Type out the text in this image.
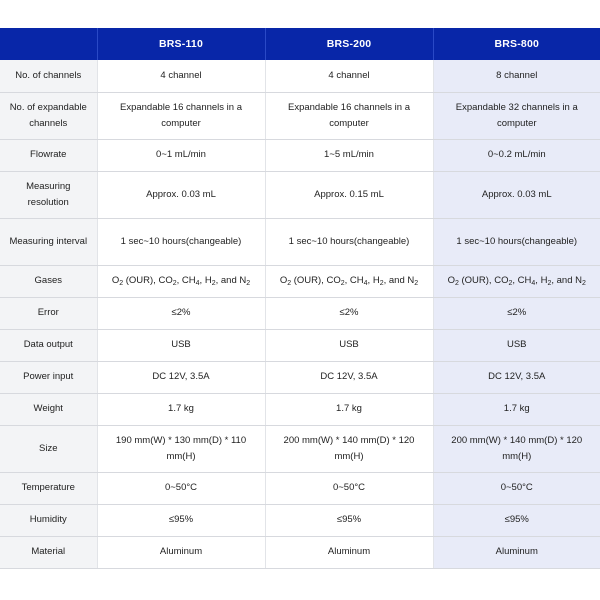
	BRS-110	BRS-200	BRS-800
No. of channels	4 channel	4 channel	8 channel
No. of expandable channels	Expandable 16 channels in a computer	Expandable 16 channels in a computer	Expandable 32 channels in a computer
Flowrate	0~1 mL/min	1~5 mL/min	0~0.2 mL/min
Measuring resolution	Approx. 0.03 mL	Approx. 0.15 mL	Approx. 0.03 mL
Measuring interval	1 sec~10 hours(changeable)	1 sec~10 hours(changeable)	1 sec~10 hours(changeable)
Gases	$O_2$ (OUR), $CO_2$, $CH_4$, $H_2$, and $N_2$	$O_2$ (OUR), $CO_2$, $CH_4$, $H_2$, and $N_2$	$O_2$ (OUR), $CO_2$, $CH_4$, $H_2$, and $N_2$
Error	≤2%	≤2%	≤2%
Data output	USB	USB	USB
Power input	DC 12V, 3.5A	DC 12V, 3.5A	DC 12V, 3.5A
Weight	1.7 kg	1.7 kg	1.7 kg
Size	190 mm(W) * 130 mm(D) * 110 mm(H)	200 mm(W) * 140 mm(D) * 120 mm(H)	200 mm(W) * 140 mm(D) * 120 mm(H)
Temperature	0~50°C	0~50°C	0~50°C
Humidity	≤95%	≤95%	≤95%
Material	Aluminum	Aluminum	Aluminum
